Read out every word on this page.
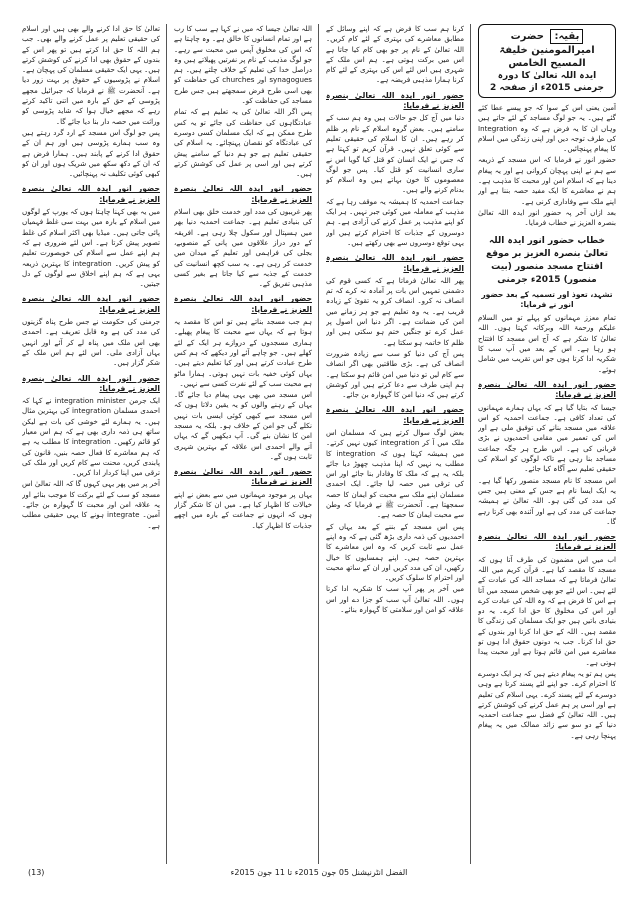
بقیہ: حضرت امیرالمومنین خلیفۃ المسیح الخامس
ایدہ اللہ تعالیٰ کا دورہ جرمنی 2015ء از صفحہ 2

آمین یعنی اس کے سوا کہ جو پیسے عطا کئے گئے ہیں۔ یہ جو لوگ مساجد کے لئے جاتے ہیں وہاں ان کا یہ فرض ہے کہ وہ Integration کی طرف توجہ دیں اور اپنی زندگی میں اسلام کا پیغام پہنچائیں۔

حضور انور نے فرمایا کہ اس مسجد کے ذریعہ سے ہم نے اپنی پہچان کروانی ہے اور یہ پیغام دینا ہے کہ اسلام امن اور محبت کا مذہب ہے۔ ہم نے معاشرے کا ایک مفید حصہ بننا ہے اور اپنے ملک سے وفاداری کرنی ہے۔

بعد ازاں آخر پہ حضور انور ایدہ اللہ تعالیٰ بنصرہ العزیز نے خطاب فرمایا۔

خطاب حضور انور ایدہ اللہ تعالیٰ بنصرہ العزیز بر موقع افتتاح مسجد منصور (بیت منصور) 2015ء جرمنی
تشہد، تعوذ اور تسمیہ کے بعد حضور انور نے فرمایا:

تمام معزز مہمانوں کو پہلے تو میں السلام علیکم ورحمۃ اللہ وبرکاتہ کہتا ہوں۔ اللہ تعالیٰ کا شکر ہے کہ آج اس مسجد کا افتتاح ہو رہا ہے۔ اس کے بعد میں آپ سب کا شکریہ ادا کرتا ہوں جو اس تقریب میں شامل ہوئے۔

حضور انور ایدہ اللہ تعالیٰ بنصرہ العزیز نے فرمایا:

جیسا کہ بتایا گیا ہے کہ یہاں ہمارے مہمانوں کی تعداد کافی ہے۔ جماعت احمدیہ کو اس علاقہ میں مسجد بنانے کی توفیق ملی ہے اور اس کی تعمیر میں مقامی احمدیوں نے بڑی قربانی کی ہے۔ اس طرح ہر جگہ جماعت مساجد بنا رہی ہے تاکہ لوگوں کو اسلام کی حقیقی تعلیم سے آگاہ کیا جائے۔

اس مسجد کا نام مسجد منصور رکھا گیا ہے۔ یہ ایک ایسا نام ہے جس کے معنی ہیں جس کی مدد کی گئی ہو۔ اللہ تعالیٰ نے ہمیشہ جماعت کی مدد کی ہے اور آئندہ بھی کرتا رہے گا۔

حضور انور ایدہ اللہ تعالیٰ بنصرہ العزیز نے فرمایا:

اب میں اس مضمون کی طرف آتا ہوں کہ مسجد کا مقصد کیا ہے۔ قرآن کریم میں اللہ تعالیٰ فرماتا ہے کہ مساجد اللہ کی عبادت کے لئے ہیں۔ اس لئے جو بھی شخص مسجد میں آتا ہے اس کا فرض ہے کہ وہ اللہ کی عبادت کرے اور اس کی مخلوق کا حق ادا کرے۔ یہ دو بنیادی باتیں ہیں جو ایک مسلمان کی زندگی کا مقصد ہیں۔ اللہ کے حق ادا کرنا اور بندوں کے حق ادا کرنا۔ جب یہ دونوں حقوق ادا ہوں تو معاشرے میں امن قائم ہوتا ہے اور محبت پیدا ہوتی ہے۔

پس ہم تو یہ پیغام دیتے ہیں کہ ہر ایک دوسرے کا احترام کرے۔ جو اپنے لئے پسند کرتا ہے وہی دوسرے کے لئے پسند کرے۔ یہی اسلام کی تعلیم ہے اور اسی پر ہم عمل کرنے کی کوشش کرتے ہیں۔ اللہ تعالیٰ کے فضل سے جماعت احمدیہ دنیا کے دو سو سے زائد ممالک میں یہ پیغام پہنچا رہی ہے۔

کرنا ہم سب کا فرض ہے کہ اپنے وسائل کے مطابق معاشرے کی بہتری کے لئے کام کریں۔ اللہ تعالیٰ کے نام پر جو بھی کام کیا جاتا ہے اس میں برکت ہوتی ہے۔ ہم اس ملک کے شہری ہیں اس لئے اس کی بہتری کے لئے کام کرنا ہمارا مذہبی فریضہ ہے۔

حضور انور ایدہ اللہ تعالیٰ بنصرہ العزیز نے فرمایا:

دنیا میں آج کل جو حالات ہیں وہ ہم سب کے سامنے ہیں۔ بعض گروہ اسلام کے نام پر ظلم کر رہے ہیں۔ ان کا اسلام کی حقیقی تعلیم سے کوئی تعلق نہیں۔ قرآن کریم تو کہتا ہے کہ جس نے ایک انسان کو قتل کیا گویا اس نے ساری انسانیت کو قتل کیا۔ پس جو لوگ معصوموں کا خون بہاتے ہیں وہ اسلام کو بدنام کرنے والے ہیں۔

جماعت احمدیہ کا ہمیشہ یہ موقف رہا ہے کہ مذہب کے معاملہ میں کوئی جبر نہیں۔ ہر ایک کو اپنے مذہب پر عمل کرنے کی آزادی ہے۔ ہم دوسروں کے جذبات کا احترام کرتے ہیں اور یہی توقع دوسروں سے بھی رکھتے ہیں۔

حضور انور ایدہ اللہ تعالیٰ بنصرہ العزیز نے فرمایا:

پھر اللہ تعالیٰ فرماتا ہے کہ کسی قوم کی دشمنی تمہیں اس بات پر آمادہ نہ کرے کہ تم انصاف نہ کرو۔ انصاف کرو یہ تقویٰ کے زیادہ قریب ہے۔ یہ وہ تعلیم ہے جو ہر زمانے میں امن کی ضمانت ہے۔ اگر دنیا اس اصول پر عمل کرے تو جنگیں ختم ہو سکتی ہیں اور ظلم کا خاتمہ ہو سکتا ہے۔

پس آج کی دنیا کو سب سے زیادہ ضرورت انصاف کی ہے۔ بڑی طاقتیں بھی اگر انصاف سے کام لیں تو دنیا میں امن قائم ہو سکتا ہے۔ ہم اپنی طرف سے دعا کرتے ہیں اور کوشش کرتے ہیں کہ دنیا امن کا گہوارہ بن جائے۔

حضور انور ایدہ اللہ تعالیٰ بنصرہ العزیز نے فرمایا:

بعض لوگ سوال کرتے ہیں کہ مسلمان اس ملک میں آ کر integration کیوں نہیں کرتے۔ میں ہمیشہ کہتا ہوں کہ integration کا مطلب یہ نہیں کہ اپنا مذہب چھوڑ دیا جائے بلکہ یہ ہے کہ ملک کا وفادار بنا جائے اور اس کی ترقی میں حصہ لیا جائے۔ ایک احمدی مسلمان اپنے ملک سے محبت کو ایمان کا حصہ سمجھتا ہے۔ آنحضرت ﷺ نے فرمایا کہ وطن سے محبت ایمان کا حصہ ہے۔

پس اس مسجد کے بننے کے بعد یہاں کے احمدیوں کی ذمہ داری بڑھ گئی ہے کہ وہ اپنے عمل سے ثابت کریں کہ وہ اس معاشرے کا بہترین حصہ ہیں۔ اپنے ہمسایوں کا خیال رکھیں، ان کی مدد کریں اور ان کے ساتھ محبت اور احترام کا سلوک کریں۔

میں آخر پر پھر آپ سب کا شکریہ ادا کرتا ہوں۔ اللہ تعالیٰ آپ سب کو جزا دے اور اس علاقہ کو امن اور سلامتی کا گہوارہ بنائے۔

اللہ تعالیٰ جیسا کہ میں نے کہا ہے سب کا رب ہے اور تمام انسانوں کا خالق ہے۔ وہ چاہتا ہے کہ اس کی مخلوق آپس میں محبت سے رہے۔ جو لوگ مذہب کے نام پر نفرتیں پھیلاتے ہیں وہ دراصل خدا کی تعلیم کے خلاف چلتے ہیں۔ ہم synagogues اور churches کی حفاظت کو بھی اسی طرح فرض سمجھتے ہیں جس طرح مساجد کی حفاظت کو۔

پس اگر اللہ تعالیٰ کی یہ تعلیم ہے کہ تمام عبادتگاہوں کی حفاظت کی جائے تو یہ کس طرح ممکن ہے کہ ایک مسلمان کسی دوسرے کی عبادتگاہ کو نقصان پہنچائے۔ یہ اسلام کی حقیقی تعلیم ہے جو ہم دنیا کے سامنے پیش کرتے ہیں اور اسی پر عمل کی کوشش کرتے ہیں۔

حضور انور ایدہ اللہ تعالیٰ بنصرہ العزیز نے فرمایا:

پھر غریبوں کی مدد اور خدمت خلق بھی اسلام کی بنیادی تعلیم ہے۔ جماعت احمدیہ دنیا بھر میں ہسپتال اور سکول چلا رہی ہے۔ افریقہ کے دور دراز علاقوں میں پانی کے منصوبے، بجلی کی فراہمی اور تعلیم کے میدان میں خدمت کر رہی ہے۔ یہ سب کچھ انسانیت کی خدمت کے جذبہ سے کیا جاتا ہے بغیر کسی مذہبی تفریق کے۔

حضور انور ایدہ اللہ تعالیٰ بنصرہ العزیز نے فرمایا:

ہم جب مسجد بناتے ہیں تو اس کا مقصد یہ ہوتا ہے کہ یہاں سے محبت کا پیغام پھیلے۔ ہماری مسجدوں کے دروازے ہر ایک کے لئے کھلے ہیں۔ جو چاہے آئے اور دیکھے کہ ہم کس طرح عبادت کرتے ہیں اور کیا تعلیم دیتے ہیں۔ یہاں کوئی خفیہ بات نہیں ہوتی۔ ہمارا ماٹو ہے محبت سب کے لئے نفرت کسی سے نہیں۔

اس مسجد میں بھی یہی پیغام دیا جائے گا۔ یہاں کے رہنے والوں کو یہ یقین دلاتا ہوں کہ اس مسجد سے کبھی کوئی ایسی بات نہیں نکلے گی جو امن کے خلاف ہو۔ بلکہ یہ مسجد امن کا نشان بنے گی۔ آپ دیکھیں گے کہ یہاں آنے والے احمدی اس علاقہ کے بہترین شہری ثابت ہوں گے۔

حضور انور ایدہ اللہ تعالیٰ بنصرہ العزیز نے فرمایا:

یہاں پر موجود مہمانوں میں سے بعض نے اپنے خیالات کا اظہار کیا ہے۔ میں ان کا شکر گزار ہوں کہ انہوں نے جماعت کے بارہ میں اچھے جذبات کا اظہار کیا۔

تعالیٰ کا حق ادا کرنے والے بھی ہیں اور اسلام کی حقیقی تعلیم پر عمل کرنے والے بھی۔ جب ہم اللہ کا حق ادا کرتے ہیں تو پھر اس کے بندوں کے حقوق بھی ادا کرنے کی کوشش کرتے ہیں۔ یہی ایک حقیقی مسلمان کی پہچان ہے۔ اسلام نے پڑوسیوں کے حقوق پر بہت زور دیا ہے۔ آنحضرت ﷺ نے فرمایا کہ جبرائیل مجھے پڑوسی کے حق کے بارہ میں اتنی تاکید کرتے رہے کہ مجھے خیال ہوا کہ شاید پڑوسی کو وراثت میں حصہ دار بنا دیا جائے گا۔

پس جو لوگ اس مسجد کے ارد گرد رہتے ہیں وہ سب ہمارے پڑوسی ہیں اور ہم ان کے حقوق ادا کرنے کے پابند ہیں۔ ہمارا فرض ہے کہ ان کے دکھ سکھ میں شریک ہوں اور ان کو کبھی کوئی تکلیف نہ پہنچائیں۔

حضور انور ایدہ اللہ تعالیٰ بنصرہ العزیز نے فرمایا:

میں یہ بھی کہنا چاہتا ہوں کہ یورپ کے لوگوں میں اسلام کے بارہ میں بہت سی غلط فہمیاں پائی جاتی ہیں۔ میڈیا بھی اکثر اسلام کی غلط تصویر پیش کرتا ہے۔ اس لئے ضروری ہے کہ ہم اپنے عمل سے اسلام کی خوبصورت تعلیم کو پیش کریں۔ integration کا بہترین ذریعہ یہی ہے کہ ہم اپنے اخلاق سے لوگوں کے دل جیتیں۔

حضور انور ایدہ اللہ تعالیٰ بنصرہ العزیز نے فرمایا:

جرمنی کی حکومت نے جس طرح پناہ گزینوں کی مدد کی ہے وہ قابل تعریف ہے۔ احمدی بھی اس ملک میں پناہ لے کر آئے اور انہیں یہاں آزادی ملی۔ اس لئے ہم اس ملک کے شکر گزار ہیں۔

حضور انور ایدہ اللہ تعالیٰ بنصرہ العزیز نے فرمایا:

ایک جرمن integration minister نے کہا کہ احمدی مسلمان integration کی بہترین مثال ہیں۔ یہ ہمارے لئے خوشی کی بات ہے لیکن ساتھ ہی ذمہ داری بھی ہے کہ ہم اس معیار کو قائم رکھیں۔ integration کا مطلب یہ ہے کہ ہم معاشرے کا فعال حصہ بنیں، قانون کی پابندی کریں، محنت سے کام کریں اور ملک کی ترقی میں اپنا کردار ادا کریں۔

آخر پر میں پھر یہی کہوں گا کہ اللہ تعالیٰ اس مسجد کو سب کے لئے برکت کا موجب بنائے اور یہ علاقہ امن اور محبت کا گہوارہ بن جائے۔ آمین۔ integrate ہونے کا یہی حقیقی مطلب ہے۔

الفضل انٹرنیشنل 05 جون 2015ء تا 11 جون 2015ء
(13)
